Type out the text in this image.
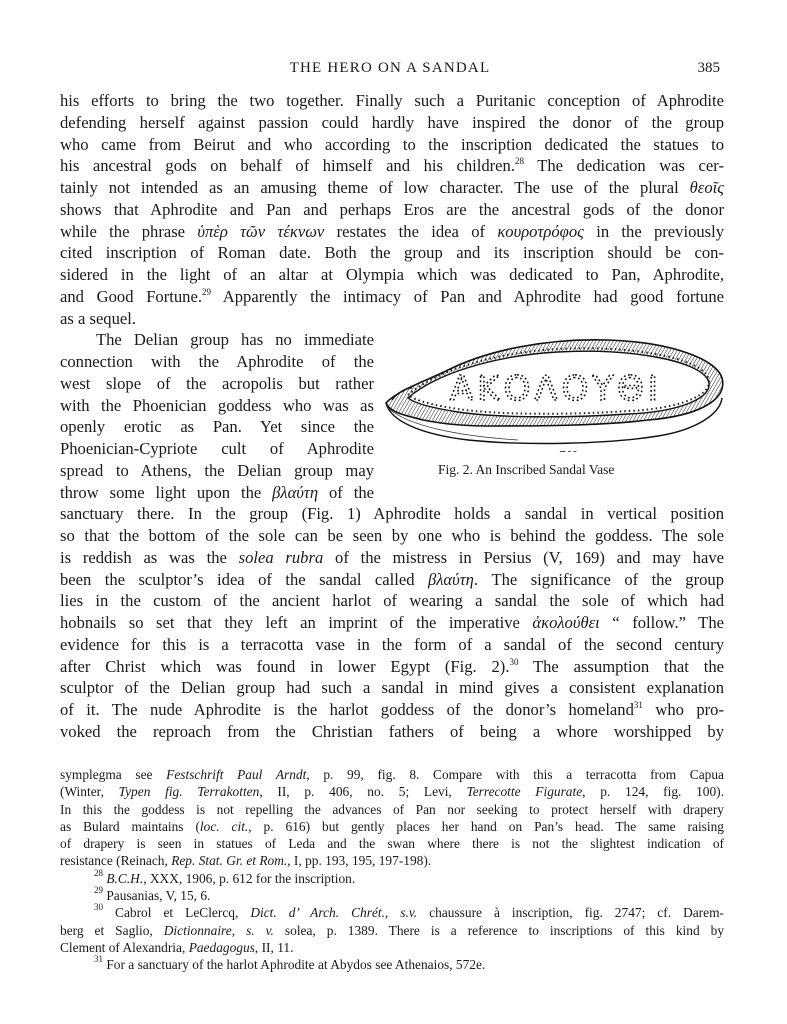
THE HERO ON A SANDAL	385
his efforts to bring the two together. Finally such a Puritanic conception of Aphrodite
defending herself against passion could hardly have inspired the donor of the group
who came from Beirut and who according to the inscription dedicated the statues to
his ancestral gods on behalf of himself and his children.$^{28}$ The dedication was cer-
tainly not intended as an amusing theme of low character. The use of the plural θεοῖς
shows that Aphrodite and Pan and perhaps Eros are the ancestral gods of the donor
while the phrase ὑπὲρ τῶν τέκνων restates the idea of κουροτρόφος in the previously
cited inscription of Roman date. Both the group and its inscription should be con-
sidered in the light of an altar at Olympia which was dedicated to Pan, Aphrodite,
and Good Fortune.$^{29}$ Apparently the intimacy of Pan and Aphrodite had good fortune
as a sequel.
The Delian group has no immediate
connection with the Aphrodite of the
west slope of the acropolis but rather
with the Phoenician goddess who was as
openly erotic as Pan. Yet since the
Phoenician-Cypriote cult of Aphrodite
spread to Athens, the Delian group may
throw some light upon the βλαύτη of the
sanctuary there. In the group (Fig. 1) Aphrodite holds a sandal in vertical position
so that the bottom of the sole can be seen by one who is behind the goddess. The sole
is reddish as was the solea rubra of the mistress in Persius (V, 169) and may have
been the sculptor’s idea of the sandal called βλαύτη. The significance of the group
lies in the custom of the ancient harlot of wearing a sandal the sole of which had
hobnails so set that they left an imprint of the imperative ἀκολούθει “ follow.” The
evidence for this is a terracotta vase in the form of a sandal of the second century
after Christ which was found in lower Egypt (Fig. 2).$^{30}$ The assumption that the
sculptor of the Delian group had such a sandal in mind gives a consistent explanation
of it. The nude Aphrodite is the harlot goddess of the donor’s homeland$^{31}$ who pro-
voked the reproach from the Christian fathers of being a whore worshipped by
ΑΚΟΛΟΥΘΙ
ـ ـ ــ
Fig. 2. An Inscribed Sandal Vase
symplegma see Festschrift Paul Arndt, p. 99, fig. 8. Compare with this a terracotta from Capua
(Winter, Typen fig. Terrakotten, II, p. 406, no. 5; Levi, Terrecotte Figurate, p. 124, fig. 100).
In this the goddess is not repelling the advances of Pan nor seeking to protect herself with drapery
as Bulard maintains (loc. cit., p. 616) but gently places her hand on Pan’s head. The same raising
of drapery is seen in statues of Leda and the swan where there is not the slightest indication of
resistance (Reinach, Rep. Stat. Gr. et Rom., I, pp. 193, 195, 197-198).
$^{28}$ B.C.H., XXX, 1906, p. 612 for the inscription.
$^{29}$ Pausanias, V, 15, 6.
$^{30}$ Cabrol et LeClercq, Dict. d’ Arch. Chrét., s.v. chaussure à inscription, fig. 2747; cf. Darem-
berg et Saglio, Dictionnaire, s. v. solea, p. 1389. There is a reference to inscriptions of this kind by
Clement of Alexandria, Paedagogus, II, 11.
$^{31}$ For a sanctuary of the harlot Aphrodite at Abydos see Athenaios, 572e.
